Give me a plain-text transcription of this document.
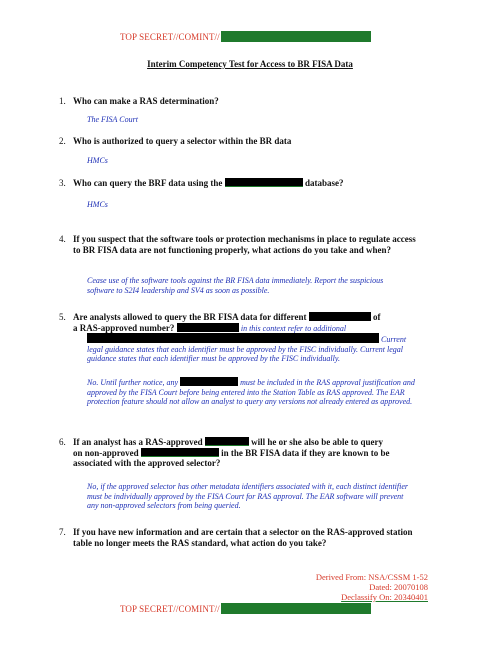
TOP SECRET//COMINT//
Interim Competency Test for Access to BR FISA Data
1. Who can make a RAS determination?
The FISA Court
2. Who is authorized to query a selector within the BR data
HMCs
3. Who can query the BRF data using the	database?
HMCs
4. If you suspect that the software tools or protection mechanisms in place to regulate access to BR FISA data are not functioning properly, what actions do you take and when?
Cease use of the software tools against the BR FISA data immediately. Report the suspicious software to S2I4 leadership and SV4 as soon as possible.
5. Are analysts allowed to query the BR FISA data for different	of
a RAS-approved number?	in this context refer to additional
Current
legal guidance states that each identifier must be approved by the FISC individually. Current legal guidance states that each identifier must be approved by the FISC individually.
No. Until further notice, any	must be included in the RAS approval justification and approved by the FISA Court before being entered into the Station Table as RAS approved. The EAR protection feature should not allow an analyst to query any versions not already entered as approved.
6. If an analyst has a RAS-approved	will he or she also be able to query
on non-approved	in the BR FISA data if they are known to be associated with the approved selector?
No, if the approved selector has other metadata identifiers associated with it, each distinct identifier must be individually approved by the FISA Court for RAS approval. The EAR software will prevent any non-approved selectors from being queried.
7. If you have new information and are certain that a selector on the RAS-approved station table no longer meets the RAS standard, what action do you take?
Derived From: NSA/CSSM 1-52
Dated: 20070108
Declassify On: 20340401
TOP SECRET//COMINT//
